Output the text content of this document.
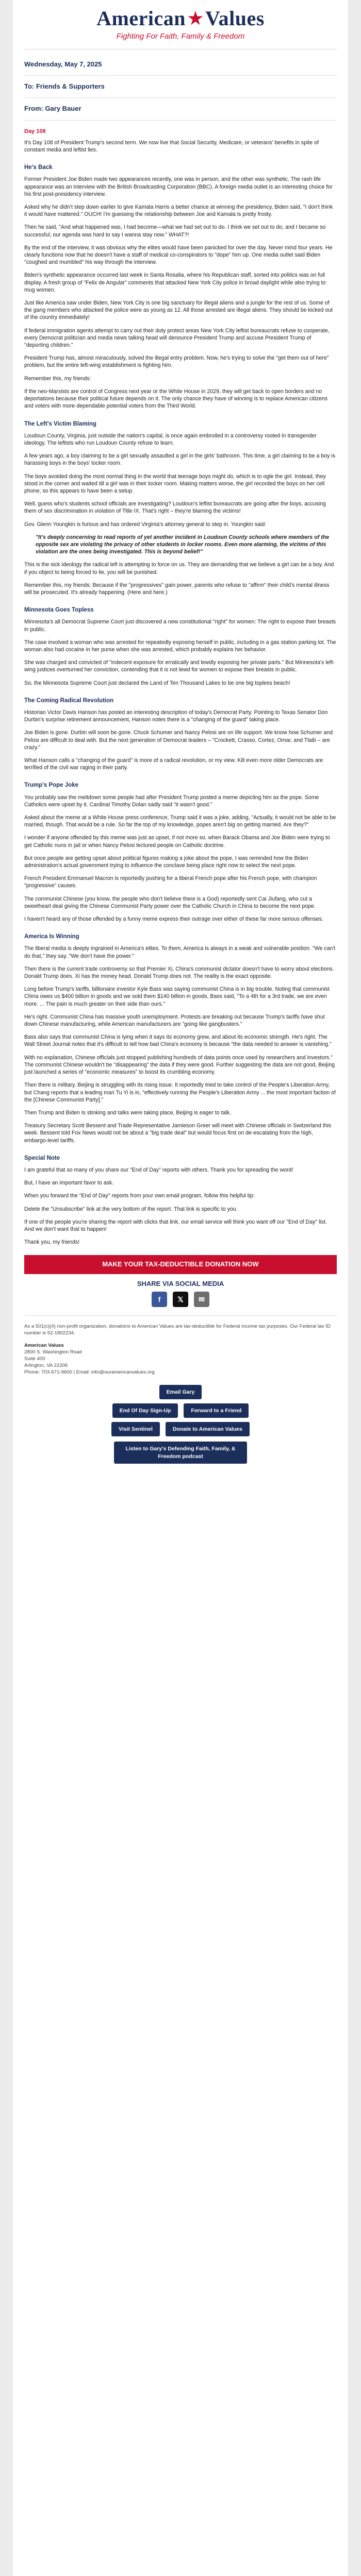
American Values
Fighting For Faith, Family & Freedom
Wednesday, May 7, 2025
To: Friends & Supporters
From: Gary Bauer
Day 108

It's Day 108 of President Trump's second term. We now live that Social Security, Medicare, or veterans' benefits in spite of constant media and leftist lies.

He's Back

Former President Joe Biden made two appearances recently, one was in person, and the other was synthetic. The rash life appearance was an interview with the British Broadcasting Corporation (BBC). A foreign media outlet is an interesting choice for his first post-presidency interview.

Asked why he didn't step down earlier to give Kamala Harris a better chance at winning the presidency, Biden said, "I don't think it would have mattered." OUCH! I'm guessing the relationship between Joe and Kamala is pretty frosty.

Then he said, "And what happened was, I had become—what we had set out to do. I think we set out to do, and I became so successful, our agenda was hard to say I wanna stay now." WHAT?!

By the end of the interview, it was obvious why the elites would have been panicked for over the day. Never mind four years. He clearly functions now that he doesn't have a staff of medical co-conspirators to "dope" him up. One media outlet said Biden "coughed and mumbled" his way through the interview.

Biden's synthetic appearance occurred last week in Santa Rosalia, where his Republican staff, sorted into politics was on full display. A fresh group of "Felix de Angular" comments that attacked New York City police in broad daylight while also trying to mug women.

Just like America saw under Biden, New York City is one big sanctuary for illegal aliens and a jungle for the rest of us. Some of the gang members who attacked the police were as young as 12. All those arrested are illegal aliens. They should be kicked out of the country immediately!

If federal immigration agents attempt to carry out their duty protect areas New York City leftist bureaucrats refuse to cooperate, every Democrat politician and media news talking head will denounce President Trump and accuse President Trump of "deporting children."

President Trump has, almost miraculously, solved the illegal entry problem. Now, he's trying to solve the "get them out of here" problem, but the entire left-wing establishment is fighting him.

Remember this, my friends:

If the neo-Marxists are control of Congress next year or the White House in 2029, they will get back to open borders and no deportations because their political future depends on it. The only chance they have of winning is to replace American citizens and voters with more dependable potential voters from the Third World.

The Left's Victim Blaming

Loudoun County, Virginia, just outside the nation's capital, is once again embroiled in a controversy rooted in transgender ideology. The leftists who run Loudoun County refuse to learn.

A few years ago, a boy claiming to be a girl sexually assaulted a girl in the girls' bathroom. This time, a girl claiming to be a boy is harassing boys in the boys' locker room.

The boys avoided doing the most normal thing in the world that teenage boys might do, which is to ogle the girl. Instead, they stood in the corner and waited till a girl was in their locker room. Making matters worse, the girl recorded the boys on her cell phone, so this appears to have been a setup.

Well, guess who's students school officials are investigating? Loudoun's leftist bureaucrats are going after the boys, accusing them of sex discrimination in violation of Title IX. That's right – they're blaming the victims!

Gov. Glenn Youngkin is furious and has ordered Virginia's attorney general to step in. Youngkin said:

"It's deeply concerning to read reports of yet another incident in Loudoun County schools where members of the opposite sex are violating the privacy of other students in locker rooms. Even more alarming, the victims of this violation are the ones being investigated. This is beyond belief!"

This is the sick ideology the radical left is attempting to force on us. They are demanding that we believe a girl can be a boy. And if you object to being forced to lie, you will be punished.

Remember this, my friends: Because if the "progressives" gain power, parents who refuse to "affirm" their child's mental illness will be prosecuted. It's already happening. (Here and here.)

Minnesota Goes Topless

Minnesota's all Democrat Supreme Court just discovered a new constitutional "right" for women: The right to expose their breasts in public.

The case involved a woman who was arrested for repeatedly exposing herself in public, including in a gas station parking lot. The woman also had cocaine in her purse when she was arrested, which probably explains her behavior.

She was charged and convicted of "indecent exposure for erratically and lewdly exposing her private parts." But Minnesota's left-wing justices overturned her conviction, contending that it is not lewd for women to expose their breasts in public.

So, the Minnesota Supreme Court just declared the Land of Ten Thousand Lakes to be one big topless beach!

The Coming Radical Revolution

Historian Victor Davis Hanson has posted an interesting description of today's Democrat Party. Pointing to Texas Senator Don Durbin's surprise retirement announcement, Hanson notes there is a "changing of the guard" taking place.

Joe Biden is gone. Durbin will soon be gone. Chuck Schumer and Nancy Pelosi are on life support. We know how Schumer and Pelosi are difficult to deal with. But the next generation of Democrat leaders – "Crockett, Crasso, Cortez, Omar, and Tlaib – are crazy."

What Hanson calls a "changing of the guard" is more of a radical revolution, or my view. Kill even more older Democrats are terrified of the civil war raging in their party.

Trump's Pope Joke

You probably saw the meltdown some people had after President Trump posted a meme depicting him as the pope. Some Catholics were upset by it. Cardinal Timothy Dolan sadly said "it wasn't good."

Asked about the meme at a White House press conference, Trump said it was a joke, adding, "Actually, it would not be able to be married, though. That would be a rule. So far the top of my knowledge, popes aren't big on getting married. Are they?"

I wonder if anyone offended by this meme was just as upset, if not more so, when Barack Obama and Joe Biden were trying to get Catholic nuns in jail or when Nancy Pelosi lectured people on Catholic doctrine.

But once people are getting upset about political figures making a joke about the pope, I was reminded how the Biden administration's actual government trying to influence the conclave being place right now to select the next pope.

French President Emmanuel Macron is reportedly pushing for a liberal French pope after his French pope, with champion "progressive" causes.

The communist Chinese (you know, the people who don't believe there is a God) reportedly sent Cai Jiufang, who cut a sweetheart deal giving the Chinese Communist Party power over the Catholic Church in China to become the next pope.

I haven't heard any of those offended by a funny meme express their outrage over either of these far more serious offenses.

America Is Winning

The liberal media is deeply ingrained in America's elites. To them, America is always in a weak and vulnerable position. "We can't do that," they say. "We don't have the power."

Then there is the current trade controversy so that Premier Xi, China's communist dictator doesn't have to worry about elections. Donald Trump does. Xi has the money head. Donald Trump does not. The reality is the exact opposite.

Long before Trump's tariffs, billionaire investor Kyle Bass was saying communist China is in big trouble. Noting that communist China owes us $400 billion in goods and we sold them $140 billion in goods, Bass said, "To a 4th for a 3rd trade, we are even more. ... The pain is much greater on their side than ours."

He's right. Communist China has massive youth unemployment. Protests are breaking out because Trump's tariffs have shut down Chinese manufacturing, while American manufacturers are "going like gangbusters."

Bass also says that communist China is lying when it says its economy grew, and about its economic strength. He's right. The Wall Street Journal notes that it's difficult to tell how bad China's economy is because "the data needed to answer is vanishing."

With no explanation, Chinese officials just stopped publishing hundreds of data points once used by researchers and investors." The communist Chinese wouldn't be "disappearing" the data if they were good. Further suggesting the data are not good, Beijing just launched a series of "economic measures" to boost its crumbling economy.

Then there is military. Beijing is struggling with its rising issue. It reportedly tried to take control of the People's Liberation Army, but Chang reports that a leading man Tu Yi is in, "effectively running the People's Liberation Army ... the most important faction of the [Chinese Communist Party]."

Then Trump and Biden Is stinking and talks were taking place, Beijing is eager to talk.

Treasury Secretary Scott Bessent and Trade Representative Jamieson Greer will meet with Chinese officials in Switzerland this week. Bessent told Fox News would not be about a "big trade deal" but would focus first on de-escalating from the high, embargo-level tariffs.

Special Note

I am grateful that so many of you share our "End of Day" reports with others. Thank you for spreading the word!

But, I have an important favor to ask.

When you forward the "End of Day" reports from your own email program, follow this helpful tip:

Delete the "Unsubscribe" link at the very bottom of the report. That link is specific to you.

If one of the people you're sharing the report with clicks that link, our email service will think you want off our "End of Day" list. And we don't want that to happen!

Thank you, my friends!

MAKE YOUR TAX-DEDUCTIBLE DONATION NOW
SHARE VIA SOCIAL MEDIA
f 𝕏 ✉

As a 501(c)(4) non-profit organization, donations to American Values are tax-deductible for Federal income tax purposes. Our Federal tax ID number is 52-1802234.

American Values
2800 S. Washington Road
Suite 400
Arlington, VA 22206
Phone: 703-671-9600 | Email: info@ouramericanvalues.org
Email Gary
End Of Day Sign-Up	Forward to a Friend
Visit Sentinel	Donate to American Values
Listen to Gary's Defending Faith, Family, & Freedom podcast
